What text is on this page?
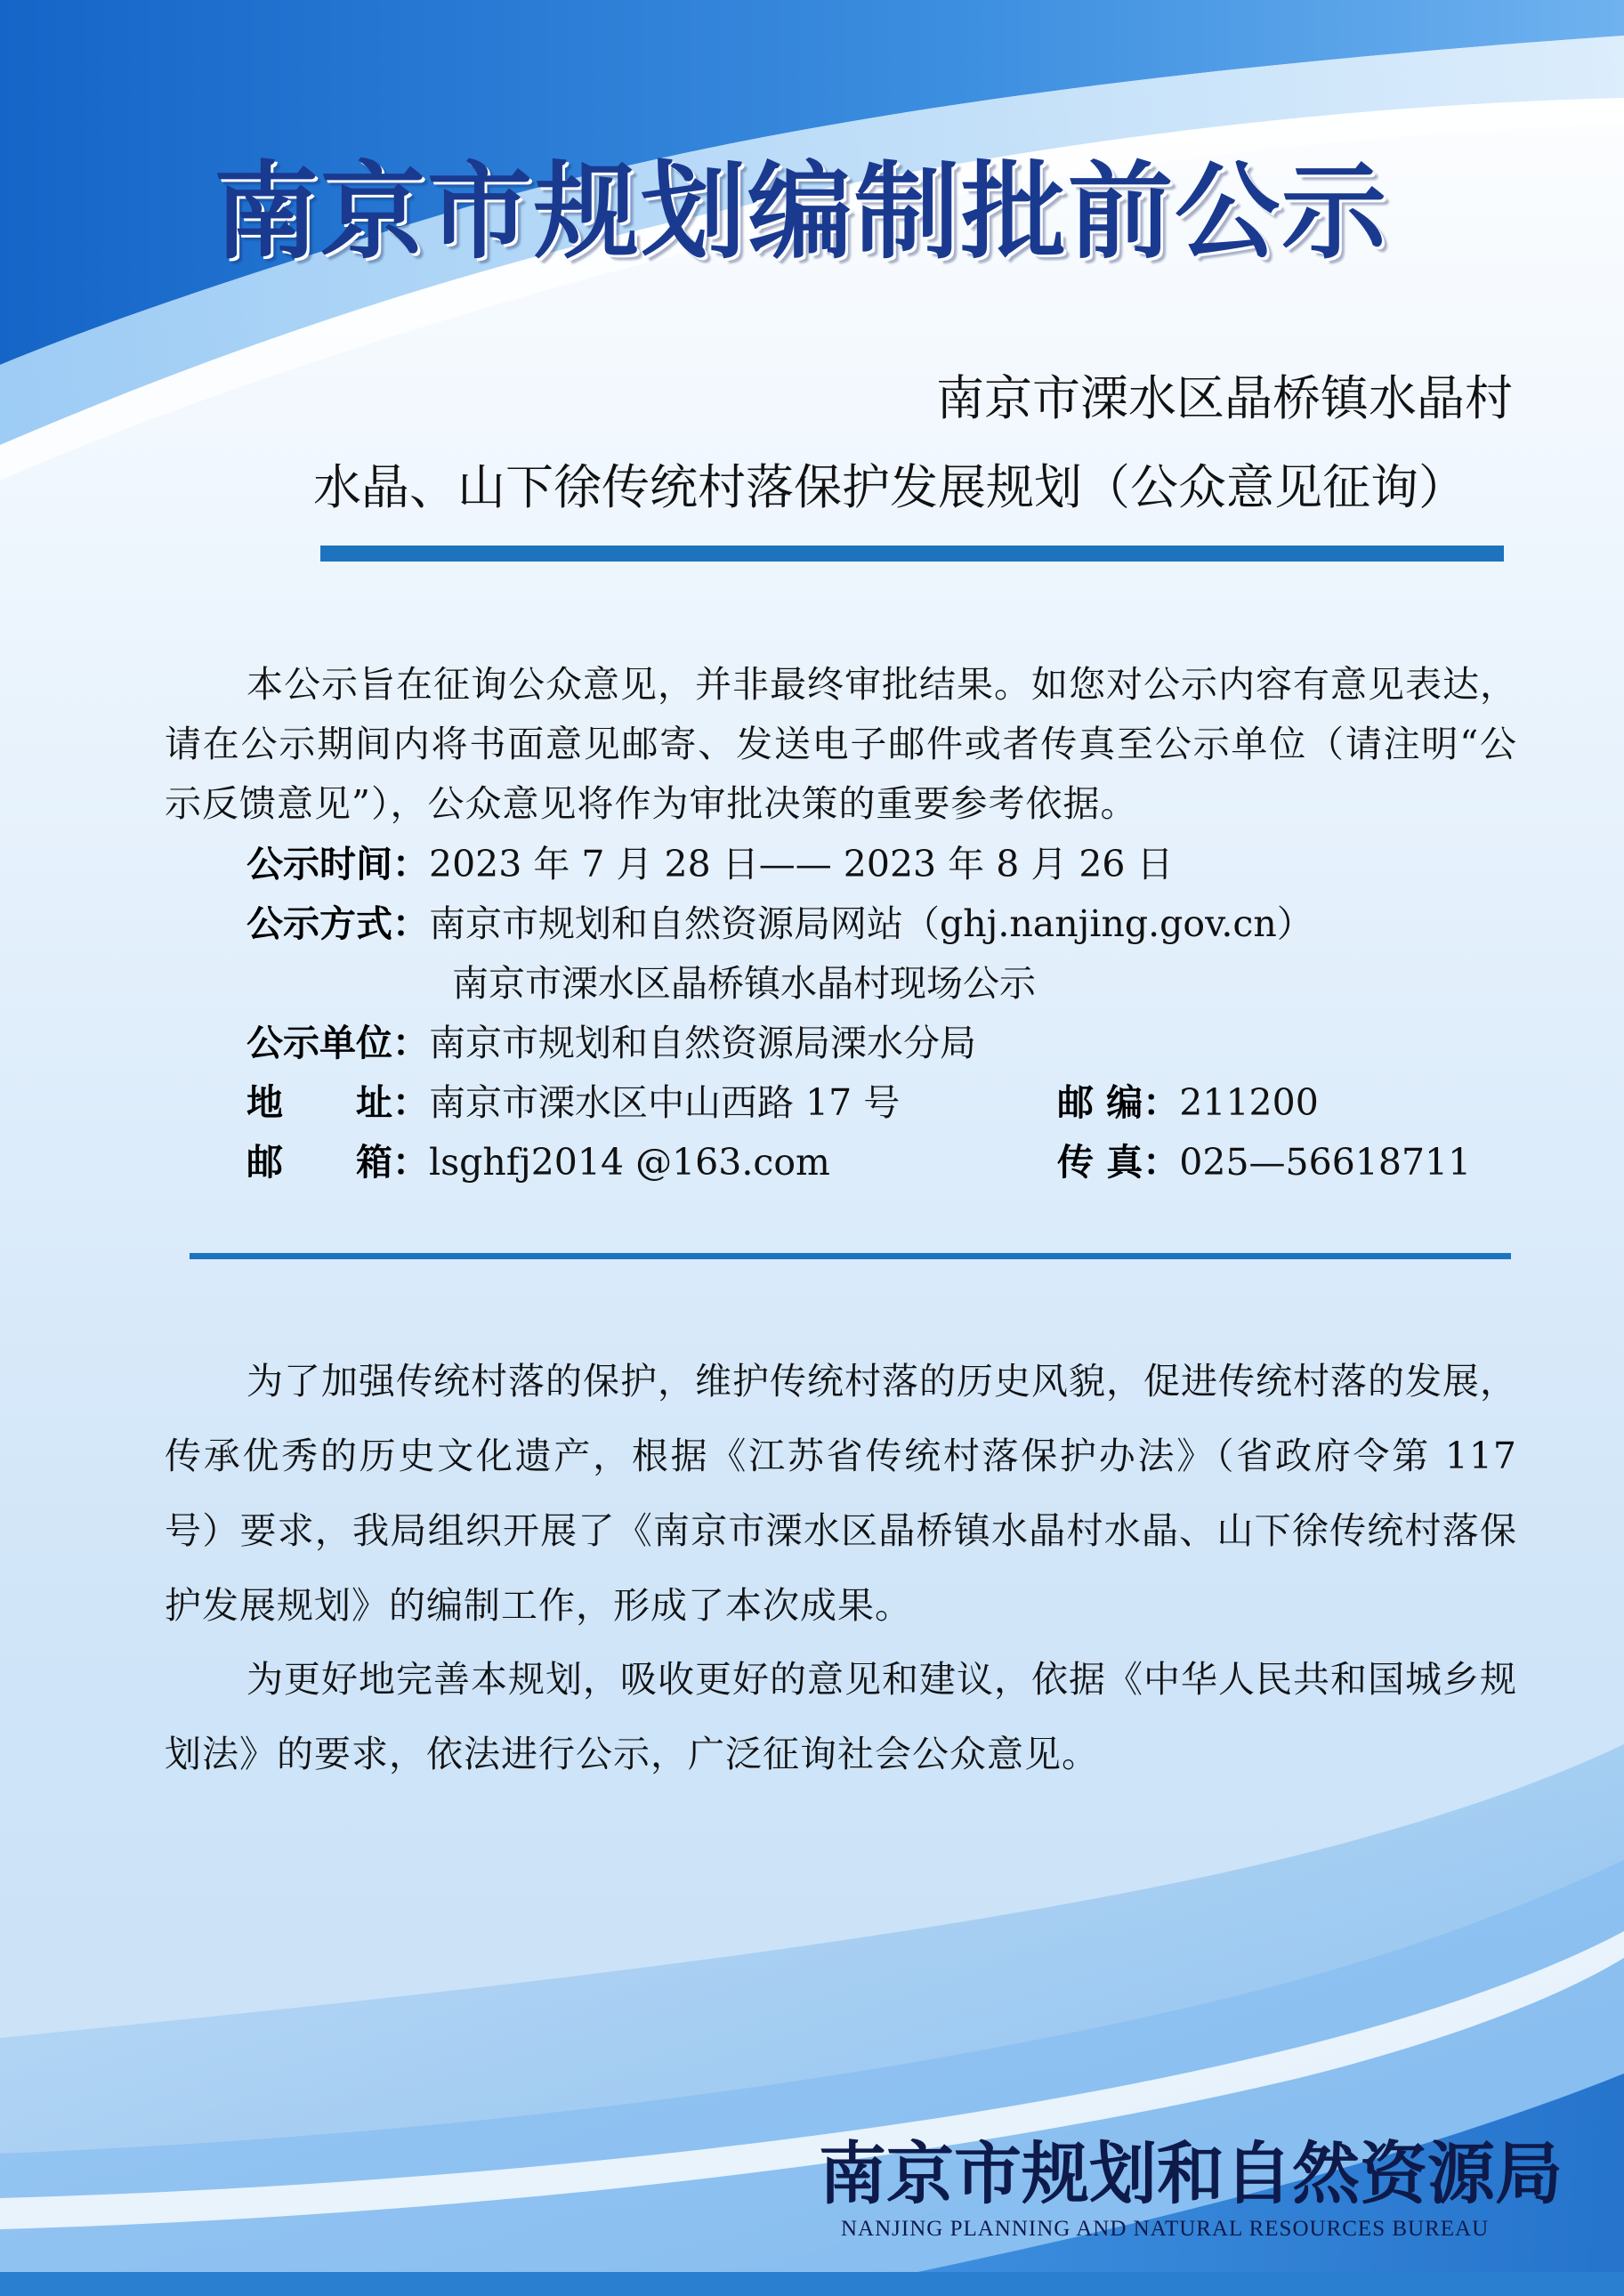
南京市规划编制批前公示
南京市溧水区晶桥镇水晶村
水晶、山下徐传统村落保护发展规划（公众意见征询）
本公示旨在征询公众意见，并非最终审批结果。如您对公示内容有意见表达，请在公示期间内将书面意见邮寄、发送电子邮件或者传真至公示单位（请注明“公示反馈意见”），公众意见将作为审批决策的重要参考依据。
公示时间：2023 年 7 月 28 日—— 2023 年 8 月 26 日
公示方式：南京市规划和自然资源局网站（ghj.nanjing.gov.cn）
南京市溧水区晶桥镇水晶村现场公示
公示单位：南京市规划和自然资源局溧水分局
地　　址：南京市溧水区中山西路 17 号	邮 编：211200
邮　　箱：lsghfj2014 @163.com	传 真：025—56618711
为了加强传统村落的保护，维护传统村落的历史风貌，促进传统村落的发展，传承优秀的历史文化遗产，根据《江苏省传统村落保护办法》（省政府令第 117 号）要求，我局组织开展了《南京市溧水区晶桥镇水晶村水晶、山下徐传统村落保护发展规划》的编制工作，形成了本次成果。
为更好地完善本规划，吸收更好的意见和建议，依据《中华人民共和国城乡规划法》的要求，依法进行公示，广泛征询社会公众意见。
南京市规划和自然资源局
NANJING PLANNING AND NATURAL RESOURCES BUREAU
